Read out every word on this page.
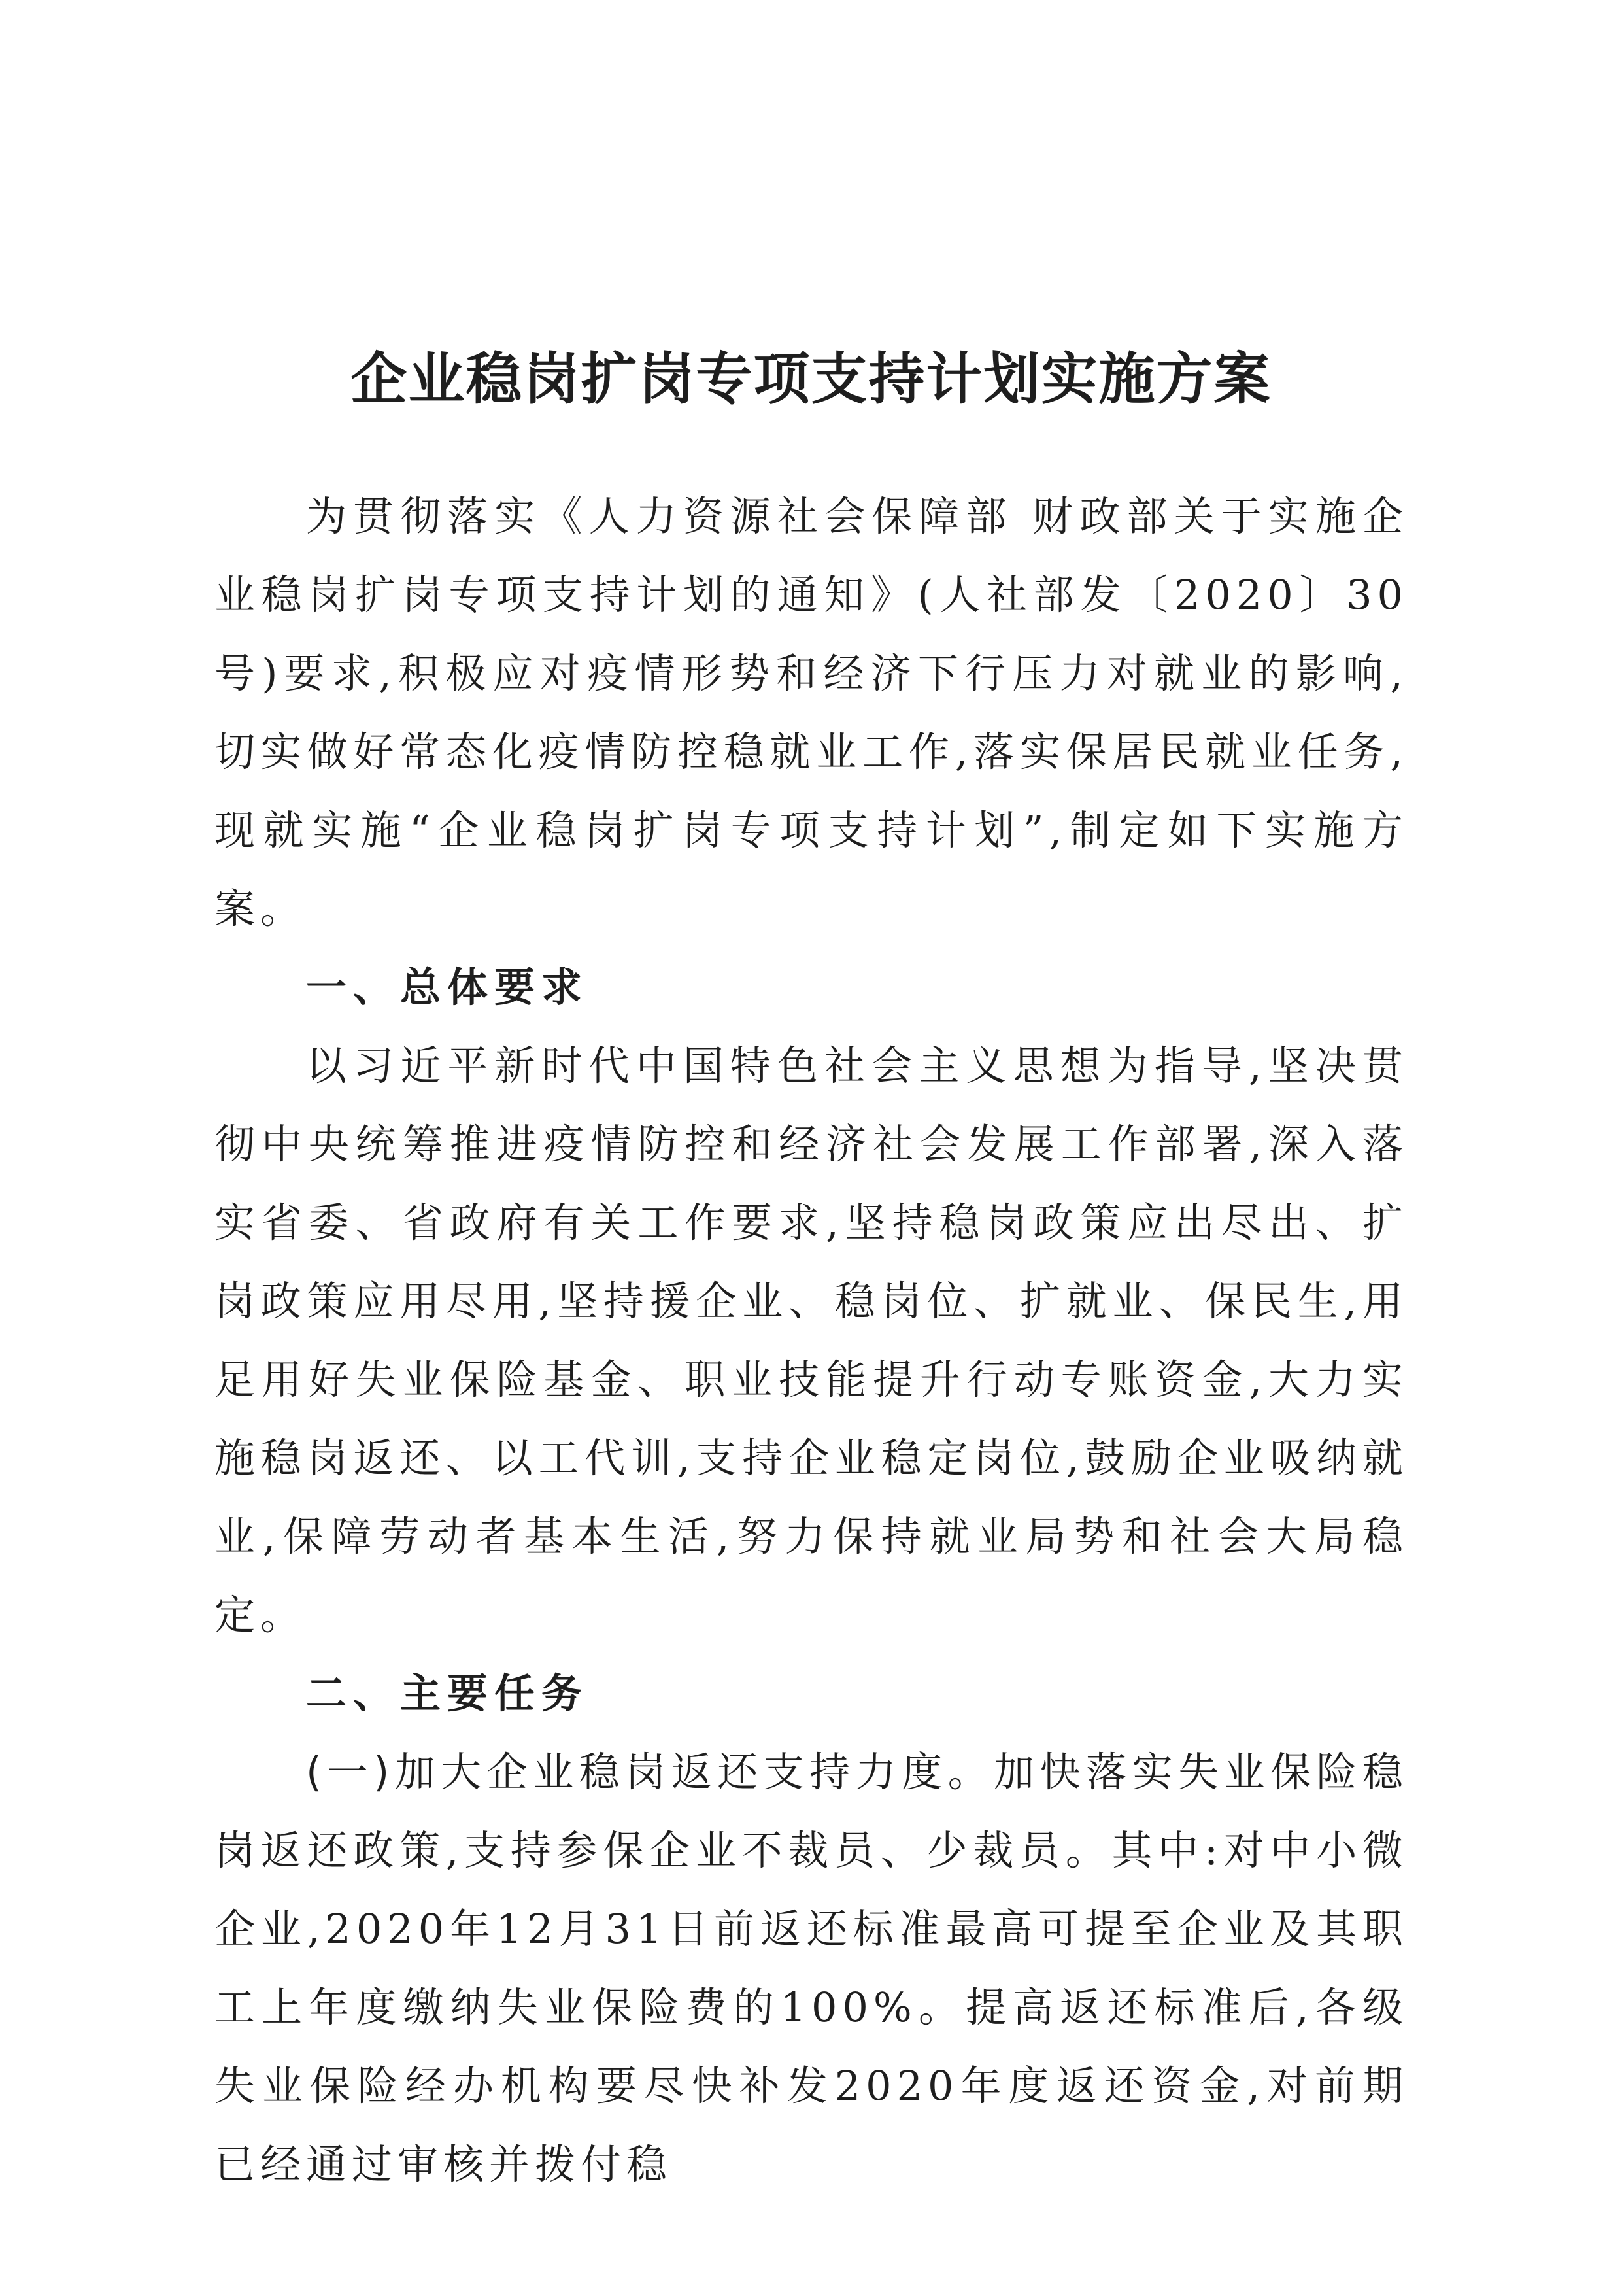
企业稳岗扩岗专项支持计划实施方案

为贯彻落实《人力资源社会保障部 财政部关于实施企业稳岗扩岗专项支持计划的通知》(人社部发〔2020〕30号)要求,积极应对疫情形势和经济下行压力对就业的影响,切实做好常态化疫情防控稳就业工作,落实保居民就业任务,现就实施“企业稳岗扩岗专项支持计划”,制定如下实施方案。

一、总体要求

以习近平新时代中国特色社会主义思想为指导,坚决贯彻中央统筹推进疫情防控和经济社会发展工作部署,深入落实省委、省政府有关工作要求,坚持稳岗政策应出尽出、扩岗政策应用尽用,坚持援企业、稳岗位、扩就业、保民生,用足用好失业保险基金、职业技能提升行动专账资金,大力实施稳岗返还、以工代训,支持企业稳定岗位,鼓励企业吸纳就业,保障劳动者基本生活,努力保持就业局势和社会大局稳定。

二、主要任务

(一)加大企业稳岗返还支持力度。加快落实失业保险稳岗返还政策,支持参保企业不裁员、少裁员。其中:对中小微企业,2020年12月31日前返还标准最高可提至企业及其职工上年度缴纳失业保险费的100%。提高返还标准后,各级失业保险经办机构要尽快补发2020年度返还资金,对前期已经通过审核并拨付稳
